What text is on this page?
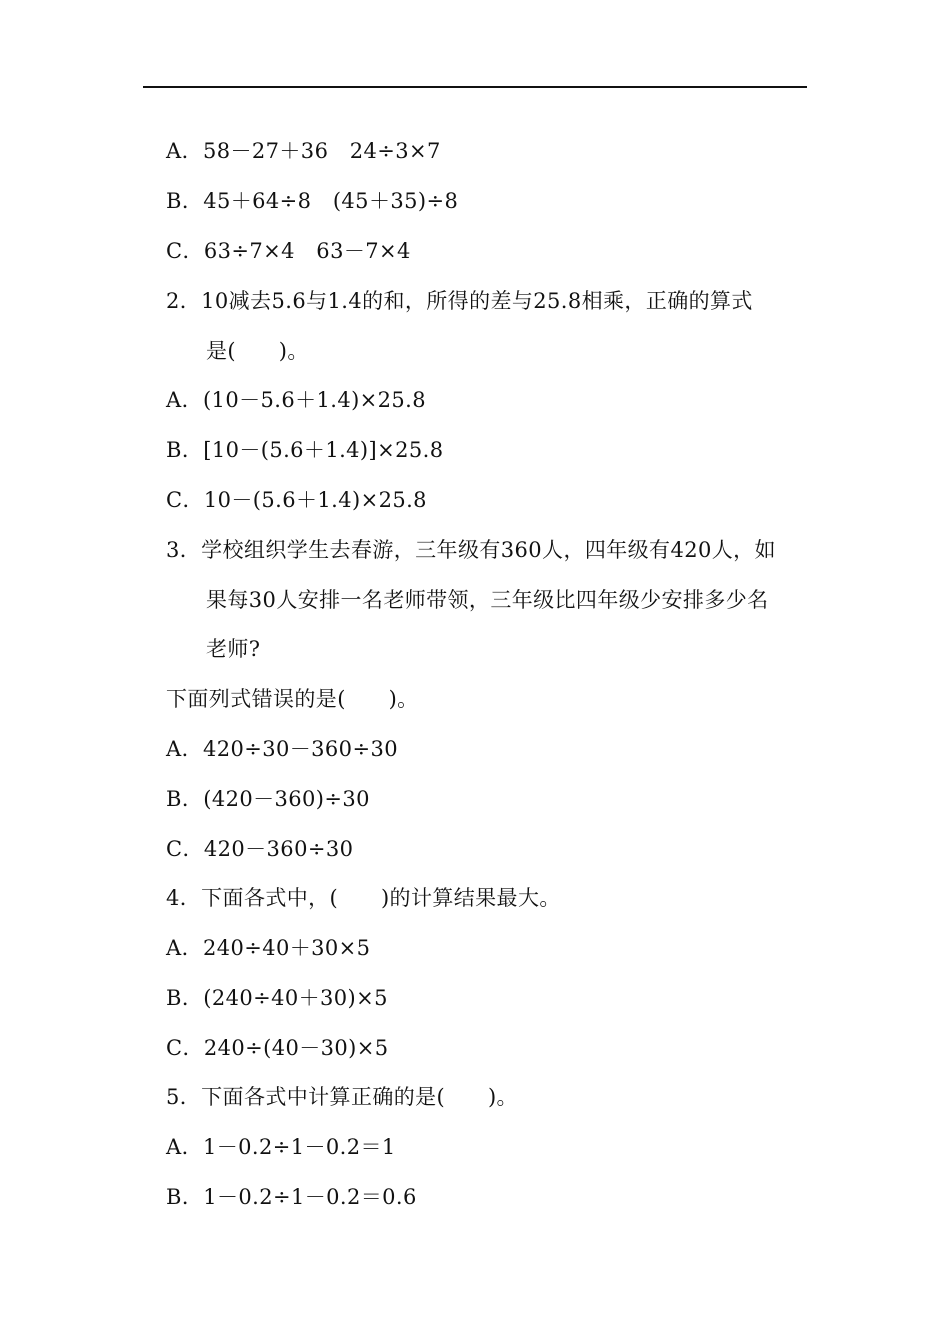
A．58－27＋36　24÷3×7
B．45＋64÷8　(45＋35)÷8
C．63÷7×4　63－7×4
2．10减去5.6与1.4的和，所得的差与25.8相乘，正确的算式
是(　　)。
A．(10－5.6＋1.4)×25.8
B．[10－(5.6＋1.4)]×25.8
C．10－(5.6＋1.4)×25.8
3．学校组织学生去春游，三年级有360人，四年级有420人，如
果每30人安排一名老师带领，三年级比四年级少安排多少名
老师?
下面列式错误的是(　　)。
A．420÷30－360÷30
B．(420－360)÷30
C．420－360÷30
4．下面各式中，(　　)的计算结果最大。
A．240÷40＋30×5
B．(240÷40＋30)×5
C．240÷(40－30)×5
5．下面各式中计算正确的是(　　)。
A．1－0.2÷1－0.2＝1
B．1－0.2÷1－0.2＝0.6
